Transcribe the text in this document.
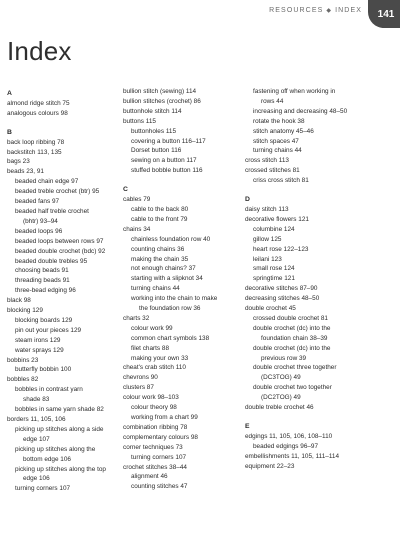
RESOURCES ◆ INDEX 141
Index
A
almond ridge stitch 75
analogous colours 98
B
back loop ribbing 78
backstitch 113, 135
bags 23
beads 23, 91
beaded chain edge 97
beaded treble crochet (btr) 95
beaded fans 97
beaded half treble crochet
(bhtr) 93–94
beaded loops 96
beaded loops between rows 97
beaded double crochet (bdc) 92
beaded double trebles 95
choosing beads 91
threading beads 91
three-bead edging 96
black 98
blocking 129
blocking boards 129
pin out your pieces 129
steam irons 129
water sprays 129
bobbins 23
butterfly bobbin 100
bobbles 82
bobbles in contrast yarn
shade 83
bobbles in same yarn shade 82
borders 11, 105, 106
picking up stitches along a side
edge 107
picking up stitches along the
bottom edge 106
picking up stitches along the top
edge 106
turning corners 107
bullion stitch (sewing) 114
bullion stitches (crochet) 86
buttonhole stitch 114
buttons 115
buttonholes 115
covering a button 116–117
Dorset button 116
sewing on a button 117
stuffed bobble button 116
C
cables 79
cable to the back 80
cable to the front 79
chains 34
chainless foundation row 40
counting chains 36
making the chain 35
not enough chains? 37
starting with a slipknot 34
turning chains 44
working into the chain to make
the foundation row 36
charts 32
colour work 99
common chart symbols 138
filet charts 88
making your own 33
cheat's crab stitch 110
chevrons 90
clusters 87
colour work 98–103
colour theory 98
working from a chart 99
combination ribbing 78
complementary colours 98
corner techniques 73
turning corners 107
crochet stitches 38–44
alignment 46
counting stitches 47
fastening off when working in
rows 44
increasing and decreasing 48–50
rotate the hook 38
stitch anatomy 45–46
stitch spaces 47
turning chains 44
cross stitch 113
crossed stitches 81
criss cross stitch 81
D
daisy stitch 113
decorative flowers 121
columbine 124
gillow 125
heart rose 122–123
leilani 123
small rose 124
springtime 121
decorative stitches 87–90
decreasing stitches 48–50
double crochet 45
crossed double crochet 81
double crochet (dc) into the
foundation chain 38–39
double crochet (dc) into the
previous row 39
double crochet three together
(DC3TOG) 49
double crochet two together
(DC2TOG) 49
double treble crochet 46
E
edgings 11, 105, 106, 108–110
beaded edgings 96–97
embellishments 11, 105, 111–114
equipment 22–23
